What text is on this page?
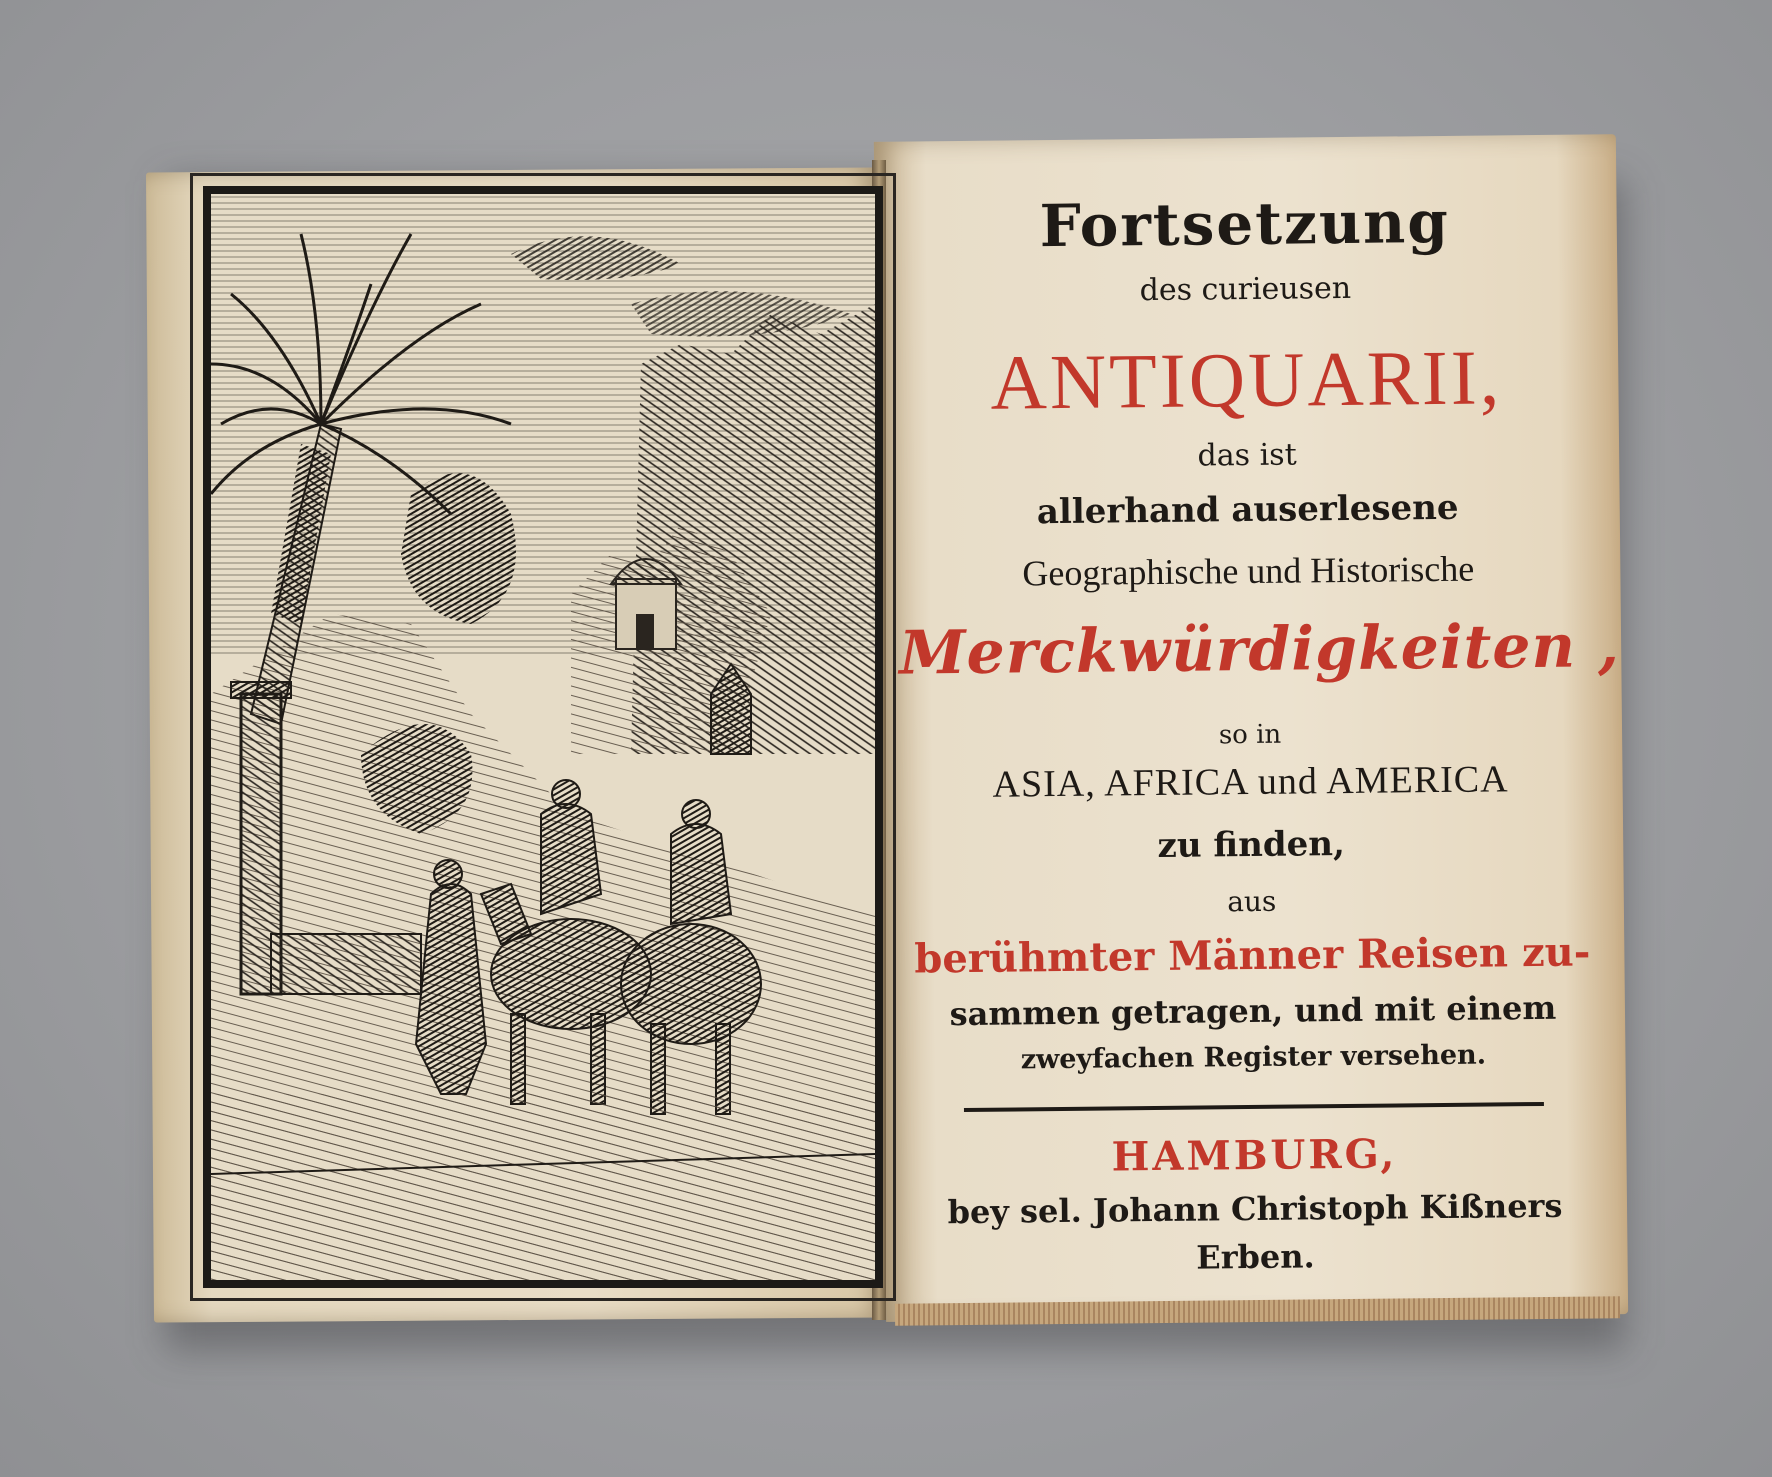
Fortsetzung
des curieusen
ANTIQUARII,
das ist
allerhand auserlesene
Geographische und Historische
Merckwürdigkeiten ,
so in
ASIA, AFRICA und AMERICA
zu finden,
aus
berühmter Männer Reisen zu-
sammen getragen, und mit einem
zweyfachen Register versehen.
HAMBURG,
bey sel. Johann Christoph Kißners
Erben.
